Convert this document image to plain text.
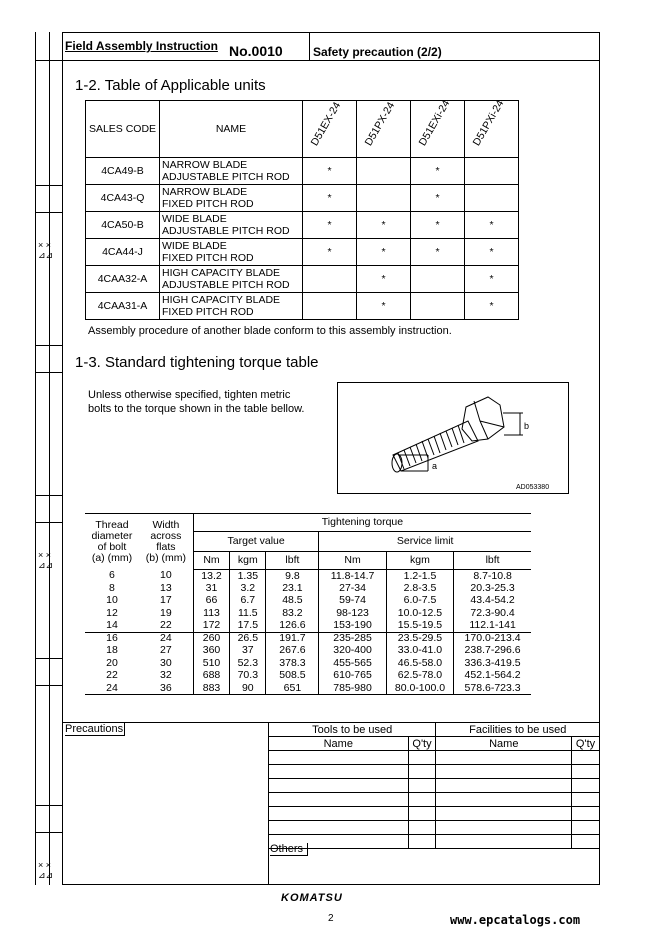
× ×
⊿⊿
× ×
⊿⊿
× ×
⊿⊿
Field Assembly Instruction No.0010	Safety precaution (2/2)
1-2. Table of Applicable units
SALES CODE	NAME	D51EX-24	D51PX-24	D51EXi-24	D51PXi-24

4CA49-B	NARROW BLADE
ADJUSTABLE PITCH ROD	*		*	
4CA43-Q	NARROW BLADE
FIXED PITCH ROD	*		*	
4CA50-B	WIDE BLADE
ADJUSTABLE PITCH ROD	*	*	*	*
4CA44-J	WIDE BLADE
FIXED PITCH ROD	*	*	*	*
4CAA32-A	HIGH CAPACITY BLADE
ADJUSTABLE PITCH ROD		*		*
4CAA31-A	HIGH CAPACITY BLADE
FIXED PITCH ROD		*		*
Assembly procedure of another blade conform to this assembly instruction.
1-3. Standard tightening torque table
Unless otherwise specified, tighten metric
bolts to the torque shown in the table bellow.
b
a
AD053380
Thread
diameter
of bolt
(a) (mm)	Width
across
flats
(b) (mm)	Tightening torque					
		Target value			Service limit		
		Nm	kgm	lbft	Nm	kgm	lbft
6	10	13.2	1.35	9.8	11.8-14.7	1.2-1.5	8.7-10.8
8	13	31	3.2	23.1	27-34	2.8-3.5	20.3-25.3
10	17	66	6.7	48.5	59-74	6.0-7.5	43.4-54.2
12	19	113	11.5	83.2	98-123	10.0-12.5	72.3-90.4
14	22	172	17.5	126.6	153-190	15.5-19.5	112.1-141
16	24	260	26.5	191.7	235-285	23.5-29.5	170.0-213.4
18	27	360	37	267.6	320-400	33.0-41.0	238.7-296.6
20	30	510	52.3	378.3	455-565	46.5-58.0	336.3-419.5
22	32	688	70.3	508.5	610-765	62.5-78.0	452.1-564.2
24	36	883	90	651	785-980	80.0-100.0	578.6-723.3
Precautions	Tools to be used		Facilities to be used	
Name	Q'ty	Name	Q'ty

Others
KOMATSU
2	www.epcatalogs.com
